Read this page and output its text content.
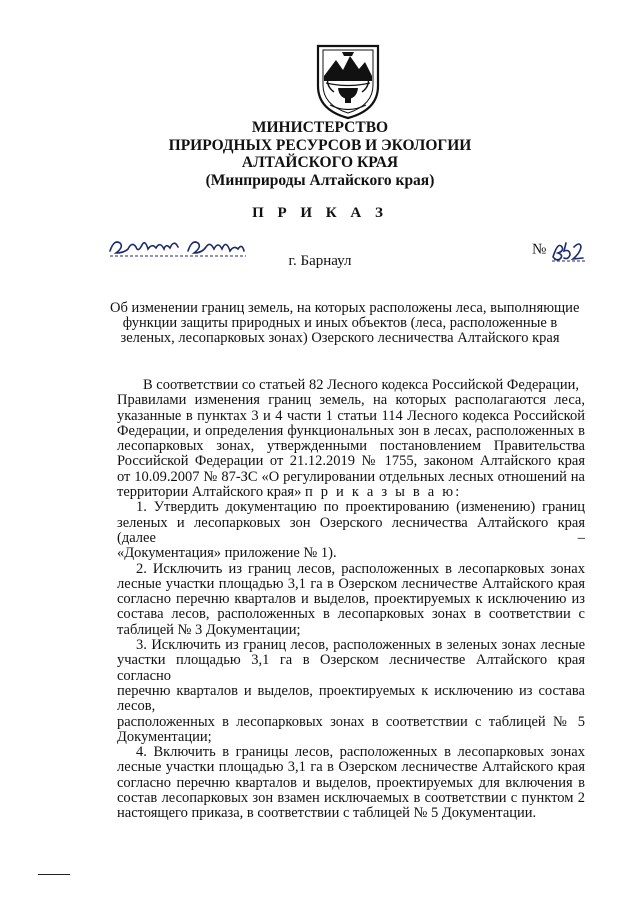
МИНИСТЕРСТВО
ПРИРОДНЫХ РЕСУРСОВ И ЭКОЛОГИИ
АЛТАЙСКОГО КРАЯ
(Минприроды Алтайского края)
П Р И К А З
№
г. Барнаул
Об изменении границ земель, на которых расположены леса, выполняющие
функции защиты природных и иных объектов (леса, расположенные в
зеленых, лесопарковых зонах) Озерского лесничества Алтайского края
В соответствии со статьей 82 Лесного кодекса Российской Федерации,
Правилами изменения границ земель, на которых располагаются леса,
указанные в пунктах 3 и 4 части 1 статьи 114 Лесного кодекса Российской
Федерации, и определения функциональных зон в лесах, расположенных в
лесопарковых зонах, утвержденными постановлением Правительства
Российской Федерации от 21.12.2019 № 1755, законом Алтайского края
от 10.09.2007 № 87-ЗС «О регулировании отдельных лесных отношений на
территории Алтайского края» п р и к а з ы в а ю:
1. Утвердить документацию по проектированию (изменению) границ
зеленых и лесопарковых зон Озерского лесничества Алтайского края (далее –
«Документация» приложение № 1).
2. Исключить из границ лесов, расположенных в лесопарковых зонах
лесные участки площадью 3,1 га в Озерском лесничестве Алтайского края
согласно перечню кварталов и выделов, проектируемых к исключению из
состава лесов, расположенных в лесопарковых зонах в соответствии с
таблицей № 3 Документации;
3. Исключить из границ лесов, расположенных в зеленых зонах лесные
участки площадью 3,1 га в Озерском лесничестве Алтайского края согласно
перечню кварталов и выделов, проектируемых к исключению из состава лесов,
расположенных в лесопарковых зонах в соответствии с таблицей № 5
Документации;
4. Включить в границы лесов, расположенных в лесопарковых зонах
лесные участки площадью 3,1 га в Озерском лесничестве Алтайского края
согласно перечню кварталов и выделов, проектируемых для включения в
состав лесопарковых зон взамен исключаемых в соответствии с пунктом 2
настоящего приказа, в соответствии с таблицей № 5 Документации.
